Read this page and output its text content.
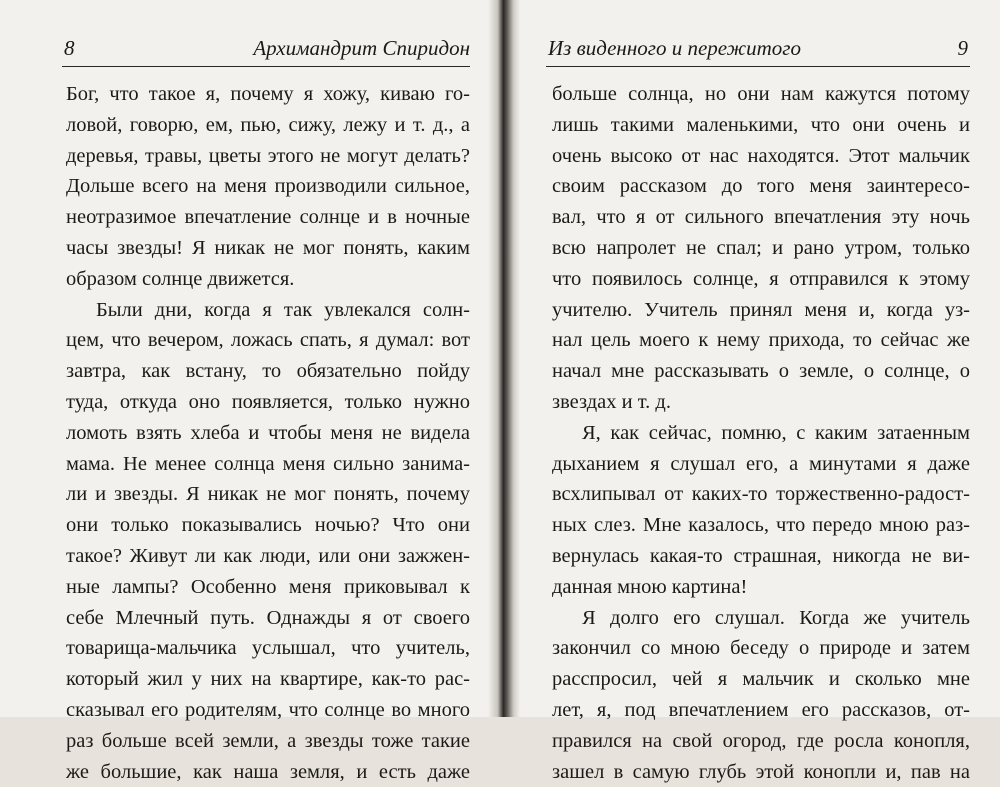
8	Архимандрит Спиридон
Бог, что такое я, почему я хожу, киваю го-
ловой, говорю, ем, пью, сижу, лежу и т. д., а
деревья, травы, цветы этого не могут делать?
Дольше всего на меня производили сильное,
неотразимое впечатление солнце и в ночные
часы звезды! Я никак не мог понять, каким
образом солнце движется.
Были дни, когда я так увлекался солн-
цем, что вечером, ложась спать, я думал: вот
завтра, как встану, то обязательно пойду
туда, откуда оно появляется, только нужно
ломоть взять хлеба и чтобы меня не видела
мама. Не менее солнца меня сильно занима-
ли и звезды. Я никак не мог понять, почему
они только показывались ночью? Что они
такое? Живут ли как люди, или они зажжен-
ные лампы? Особенно меня приковывал к
себе Млечный путь. Однажды я от своего
товарища-мальчика услышал, что учитель,
который жил у них на квартире, как-то рас-
сказывал его родителям, что солнце во много
раз больше всей земли, а звезды тоже такие
же большие, как наша земля, и есть даже
Из виденного и пережитого	9
больше солнца, но они нам кажутся потому
лишь такими маленькими, что они очень и
очень высоко от нас находятся. Этот мальчик
своим рассказом до того меня заинтересо-
вал, что я от сильного впечатления эту ночь
всю напролет не спал; и рано утром, только
что появилось солнце, я отправился к этому
учителю. Учитель принял меня и, когда уз-
нал цель моего к нему прихода, то сейчас же
начал мне рассказывать о земле, о солнце, о
звездах и т. д.
Я, как сейчас, помню, с каким затаенным
дыханием я слушал его, а минутами я даже
всхлипывал от каких-то торжественно-радост-
ных слез. Мне казалось, что передо мною раз-
вернулась какая-то страшная, никогда не ви-
данная мною картина!
Я долго его слушал. Когда же учитель
закончил со мною беседу о природе и затем
расспросил, чей я мальчик и сколько мне
лет, я, под впечатлением его рассказов, от-
правился на свой огород, где росла конопля,
зашел в самую глубь этой конопли и, пав на
